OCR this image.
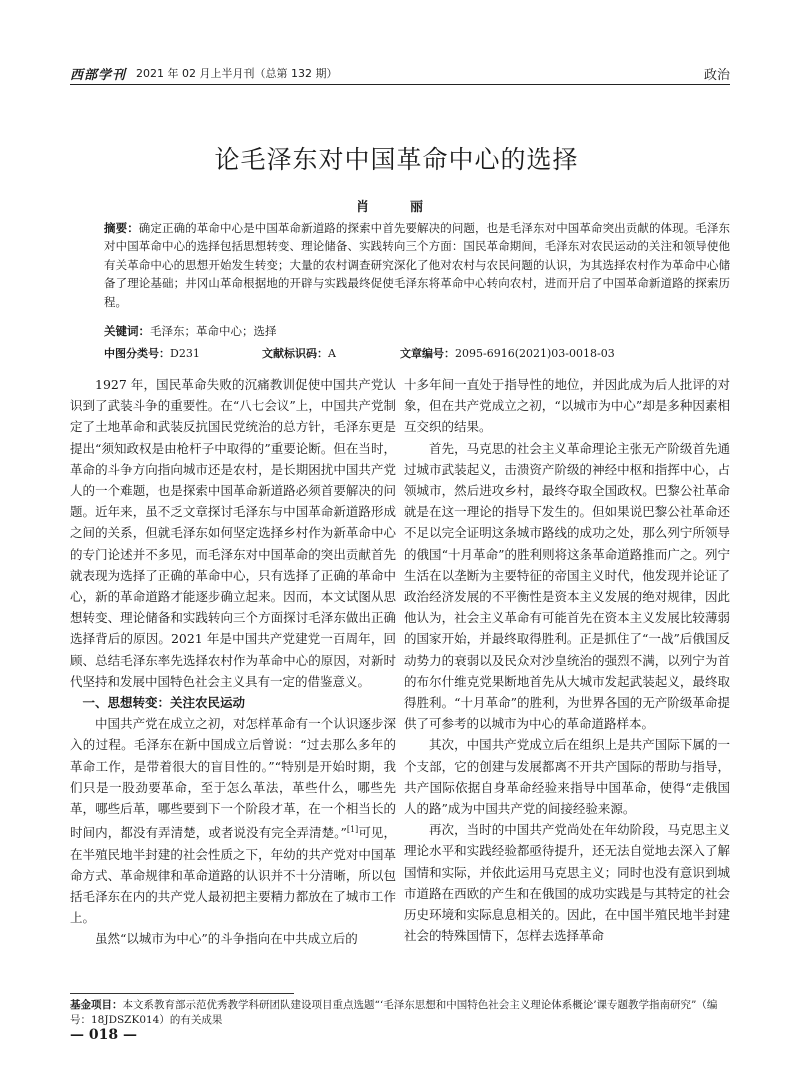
西部学刊 2021 年 02 月上半月刊（总第 132 期）	政治
论毛泽东对中国革命中心的选择
肖　丽
摘要：确定正确的革命中心是中国革命新道路的探索中首先要解决的问题，也是毛泽东对中国革命突出贡献的体现。毛泽东对中国革命中心的选择包括思想转变、理论储备、实践转向三个方面：国民革命期间，毛泽东对农民运动的关注和领导使他有关革命中心的思想开始发生转变；大量的农村调查研究深化了他对农村与农民问题的认识，为其选择农村作为革命中心储备了理论基础；井冈山革命根据地的开辟与实践最终促使毛泽东将革命中心转向农村，进而开启了中国革命新道路的探索历程。
关键词：毛泽东；革命中心；选择
中图分类号：D231	文献标识码：A	文章编号：2095-6916(2021)03-0018-03

1927 年，国民革命失败的沉痛教训促使中国共产党认识到了武装斗争的重要性。在“八七会议”上，中国共产党制定了土地革命和武装反抗国民党统治的总方针，毛泽东更是提出“须知政权是由枪杆子中取得的”重要论断。但在当时，革命的斗争方向指向城市还是农村，是长期困扰中国共产党人的一个难题，也是探索中国革命新道路必须首要解决的问题。近年来，虽不乏文章探讨毛泽东与中国革命新道路形成之间的关系，但就毛泽东如何坚定选择乡村作为新革命中心的专门论述并不多见，而毛泽东对中国革命的突出贡献首先就表现为选择了正确的革命中心，只有选择了正确的革命中心，新的革命道路才能逐步确立起来。因而，本文试图从思想转变、理论储备和实践转向三个方面探讨毛泽东做出正确选择背后的原因。2021 年是中国共产党建党一百周年，回顾、总结毛泽东率先选择农村作为革命中心的原因，对新时代坚持和发展中国特色社会主义具有一定的借鉴意义。

一、思想转变：关注农民运动

中国共产党在成立之初，对怎样革命有一个认识逐步深入的过程。毛泽东在新中国成立后曾说：“过去那么多年的革命工作，是带着很大的盲目性的。”“特别是开始时期，我们只是一股劲要革命，至于怎么革法，革些什么，哪些先革，哪些后革，哪些要到下一个阶段才革，在一个相当长的时间内，都没有弄清楚，或者说没有完全弄清楚。”[1]可见，在半殖民地半封建的社会性质之下，年幼的共产党对中国革命方式、革命规律和革命道路的认识并不十分清晰，所以包括毛泽东在内的共产党人最初把主要精力都放在了城市工作上。

虽然“以城市为中心”的斗争指向在中共成立后的

十多年间一直处于指导性的地位，并因此成为后人批评的对象，但在共产党成立之初，“以城市为中心”却是多种因素相互交织的结果。

首先，马克思的社会主义革命理论主张无产阶级首先通过城市武装起义，击溃资产阶级的神经中枢和指挥中心，占领城市，然后进攻乡村，最终夺取全国政权。巴黎公社革命就是在这一理论的指导下发生的。但如果说巴黎公社革命还不足以完全证明这条城市路线的成功之处，那么列宁所领导的俄国“十月革命”的胜利则将这条革命道路推而广之。列宁生活在以垄断为主要特征的帝国主义时代，他发现并论证了政治经济发展的不平衡性是资本主义发展的绝对规律，因此他认为，社会主义革命有可能首先在资本主义发展比较薄弱的国家开始，并最终取得胜利。正是抓住了“一战”后俄国反动势力的衰弱以及民众对沙皇统治的强烈不满，以列宁为首的布尔什维克党果断地首先从大城市发起武装起义，最终取得胜利。“十月革命”的胜利，为世界各国的无产阶级革命提供了可参考的以城市为中心的革命道路样本。

其次，中国共产党成立后在组织上是共产国际下属的一个支部，它的创建与发展都离不开共产国际的帮助与指导，共产国际依据自身革命经验来指导中国革命，使得“走俄国人的路”成为中国共产党的间接经验来源。

再次，当时的中国共产党尚处在年幼阶段，马克思主义理论水平和实践经验都亟待提升，还无法自觉地去深入了解国情和实际，并依此运用马克思主义；同时也没有意识到城市道路在西欧的产生和在俄国的成功实践是与其特定的社会历史环境和实际息息相关的。因此，在中国半殖民地半封建社会的特殊国情下，怎样去选择革命

基金项目：本文系教育部示范优秀教学科研团队建设项目重点选题“‘毛泽东思想和中国特色社会主义理论体系概论’课专题教学指南研究”（编号：18JDSZK014）的有关成果
— 018 —
